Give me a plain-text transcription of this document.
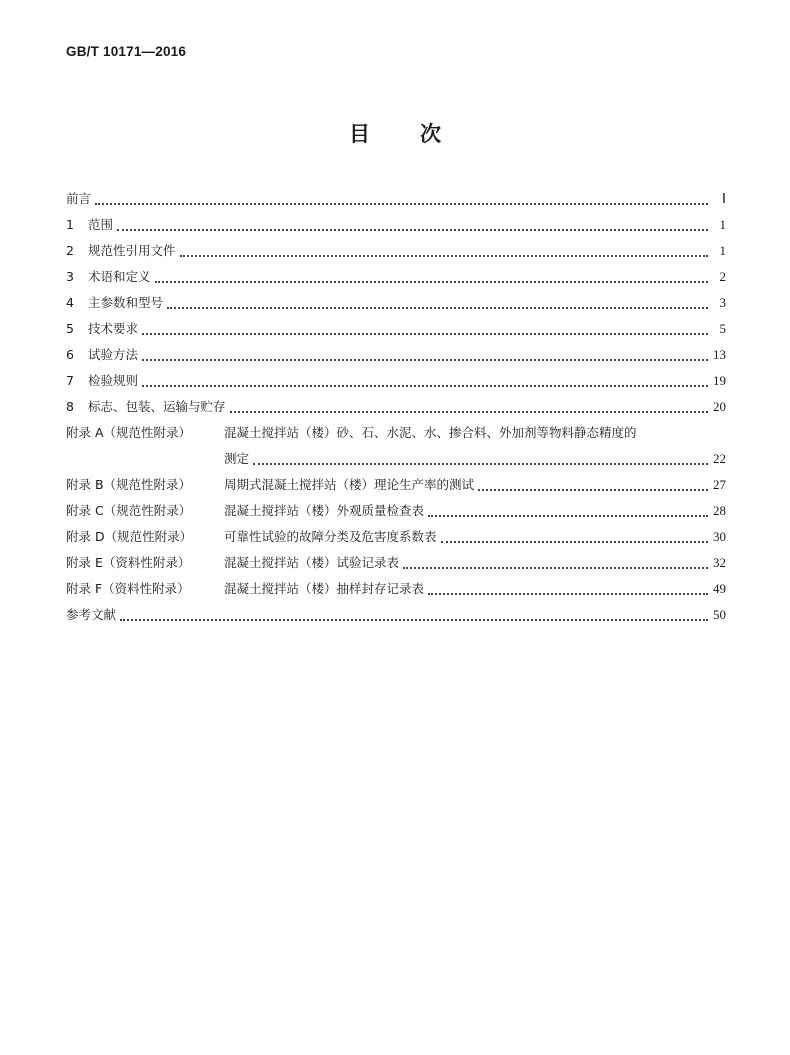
GB/T 10171—2016
目 次
前言	Ⅰ
1	范围	1
2	规范性引用文件	1
3	术语和定义	2
4	主参数和型号	3
5	技术要求	5
6	试验方法	13
7	检验规则	19
8	标志、包装、运输与贮存	20
附录 A（规范性附录）	混凝土搅拌站（楼）砂、石、水泥、水、掺合料、外加剂等物料静态精度的
测定	22
附录 B（规范性附录）	周期式混凝土搅拌站（楼）理论生产率的测试	27
附录 C（规范性附录）	混凝土搅拌站（楼）外观质量检查表	28
附录 D（规范性附录）	可靠性试验的故障分类及危害度系数表	30
附录 E（资料性附录）	混凝土搅拌站（楼）试验记录表	32
附录 F（资料性附录）	混凝土搅拌站（楼）抽样封存记录表	49
参考文献	50
